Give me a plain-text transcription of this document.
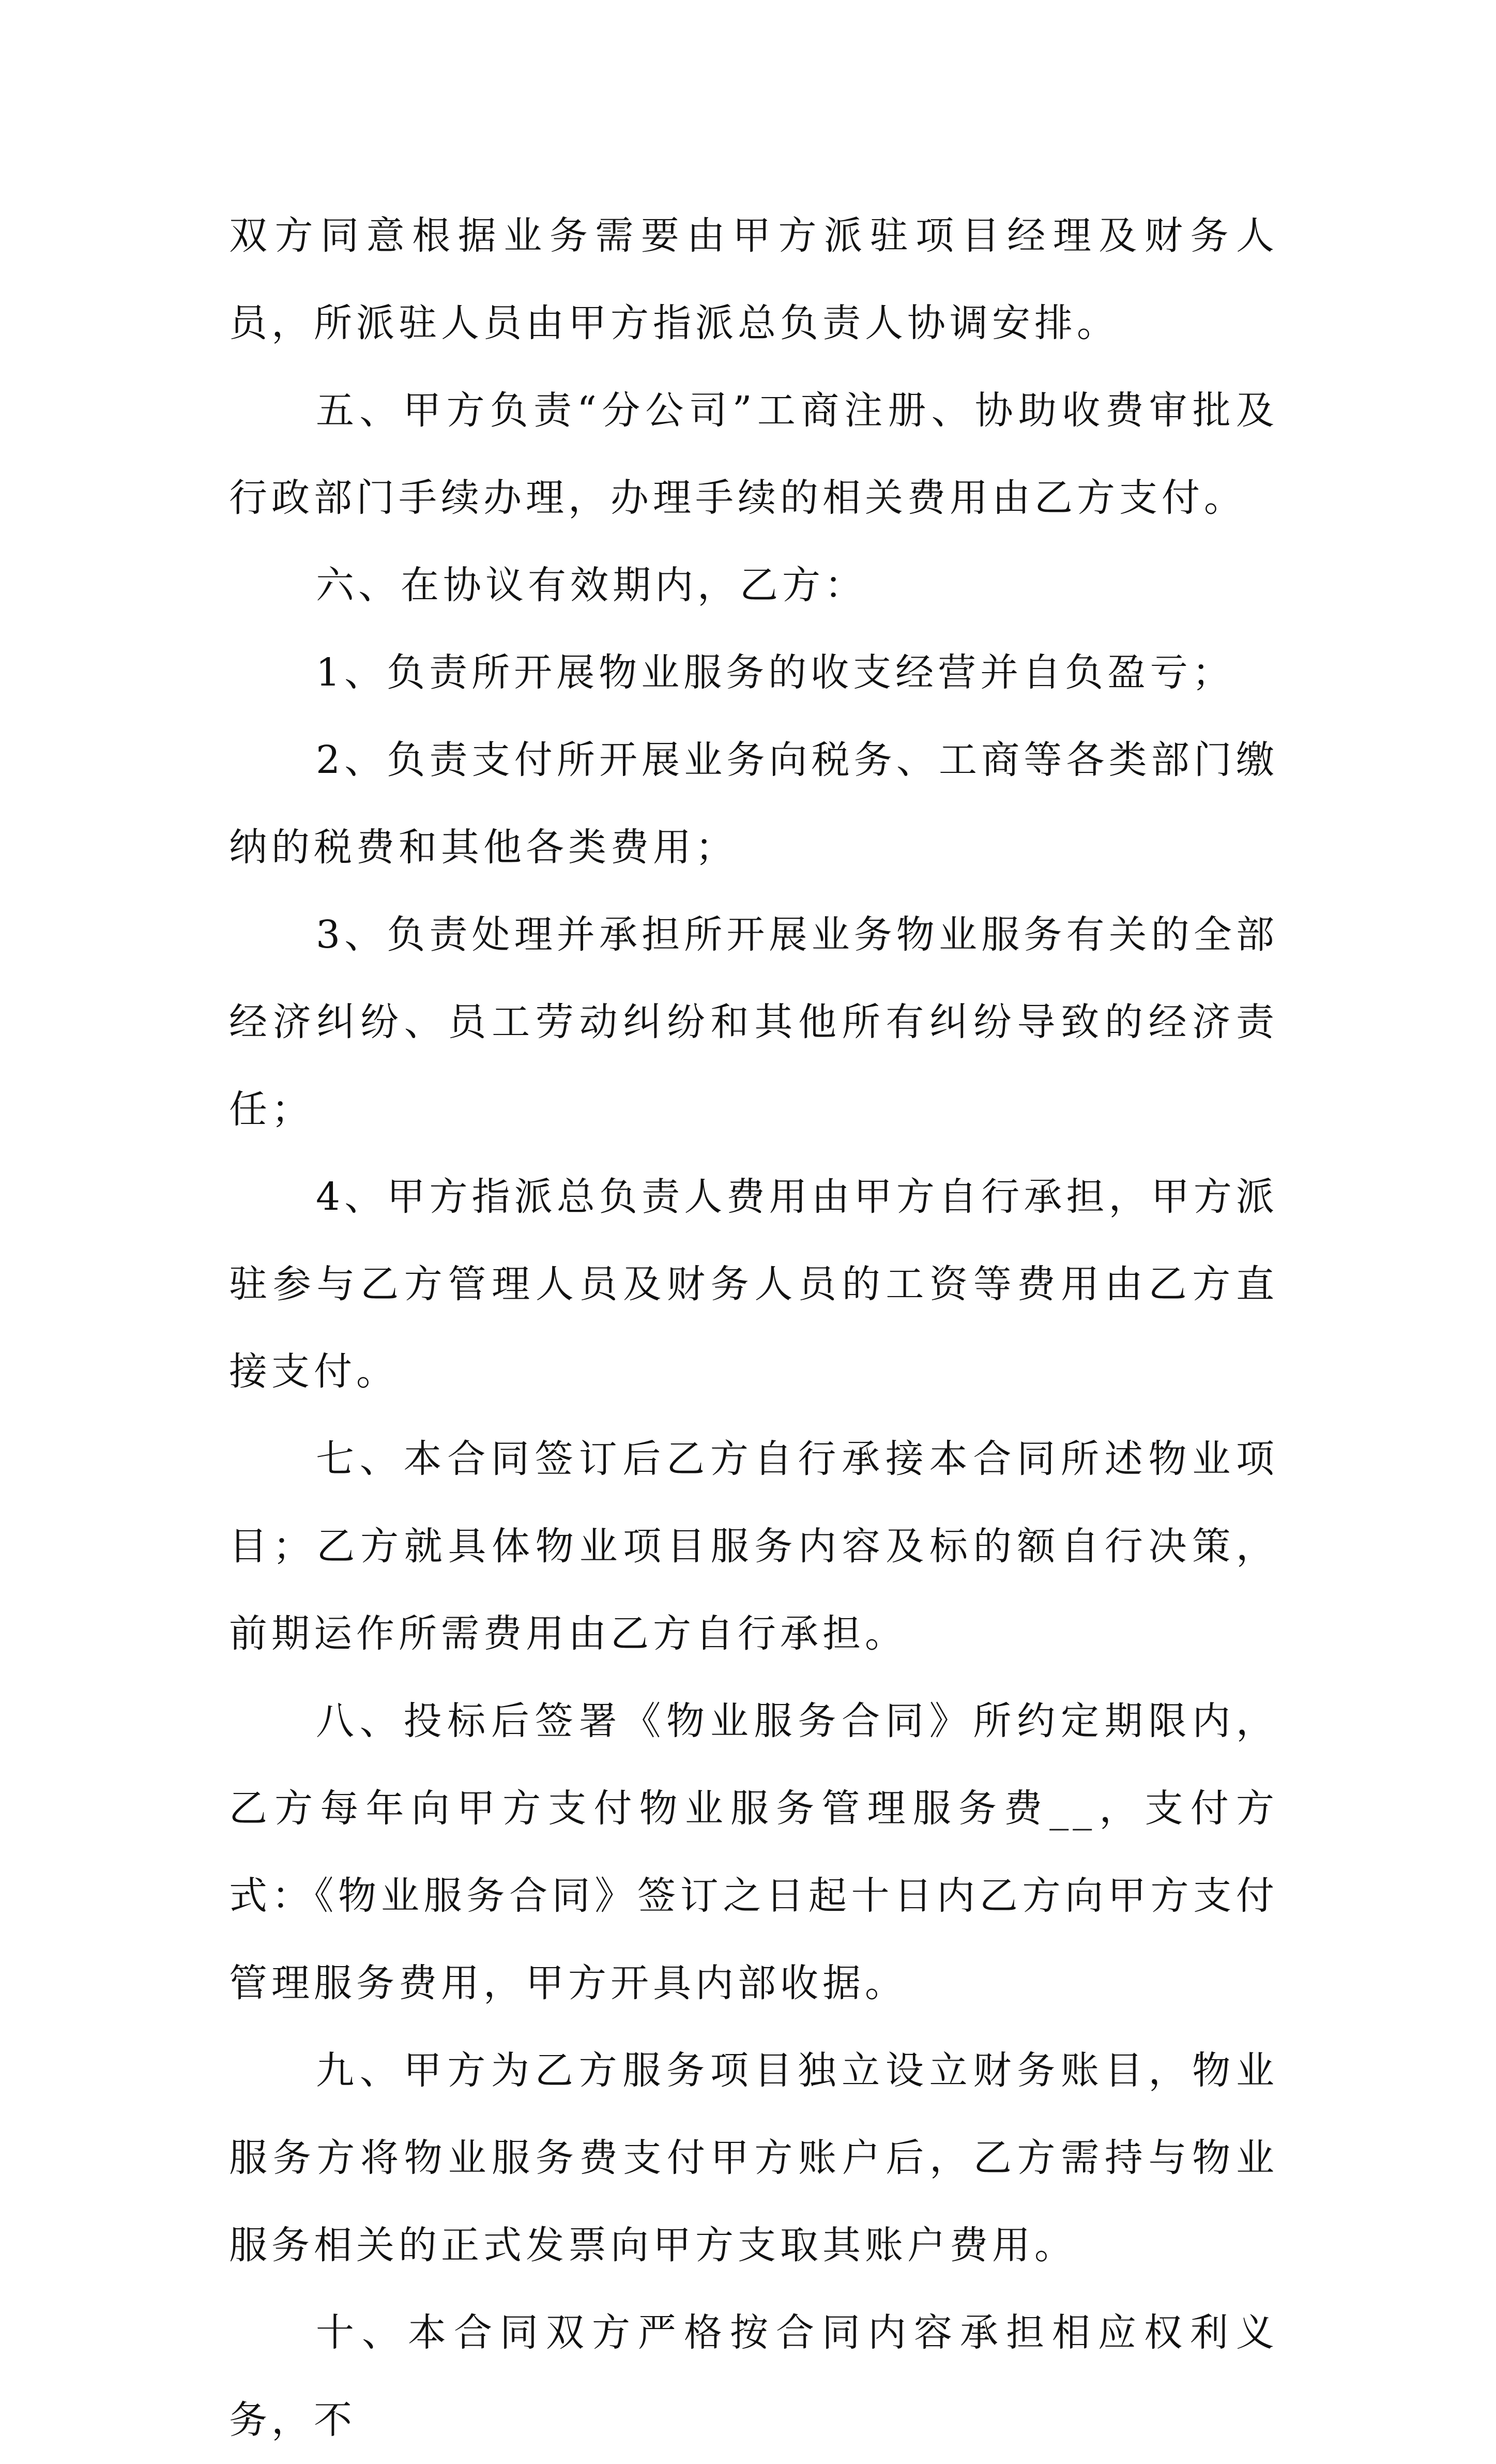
双方同意根据业务需要由甲方派驻项目经理及财务人员，所派驻人员由甲方指派总负责人协调安排。

五、甲方负责“分公司”工商注册、协助收费审批及行政部门手续办理，办理手续的相关费用由乙方支付。

六、在协议有效期内，乙方：

1、负责所开展物业服务的收支经营并自负盈亏；

2、负责支付所开展业务向税务、工商等各类部门缴纳的税费和其他各类费用；

3、负责处理并承担所开展业务物业服务有关的全部经济纠纷、员工劳动纠纷和其他所有纠纷导致的经济责任；

4、甲方指派总负责人费用由甲方自行承担，甲方派驻参与乙方管理人员及财务人员的工资等费用由乙方直接支付。

七、本合同签订后乙方自行承接本合同所述物业项目；乙方就具体物业项目服务内容及标的额自行决策，前期运作所需费用由乙方自行承担。

八、投标后签署《物业服务合同》所约定期限内，乙方每年向甲方支付物业服务管理服务费__，支付方式：《物业服务合同》签订之日起十日内乙方向甲方支付管理服务费用，甲方开具内部收据。

九、甲方为乙方服务项目独立设立财务账目，物业服务方将物业服务费支付甲方账户后，乙方需持与物业服务相关的正式发票向甲方支取其账户费用。

十、本合同双方严格按合同内容承担相应权利义务，不
